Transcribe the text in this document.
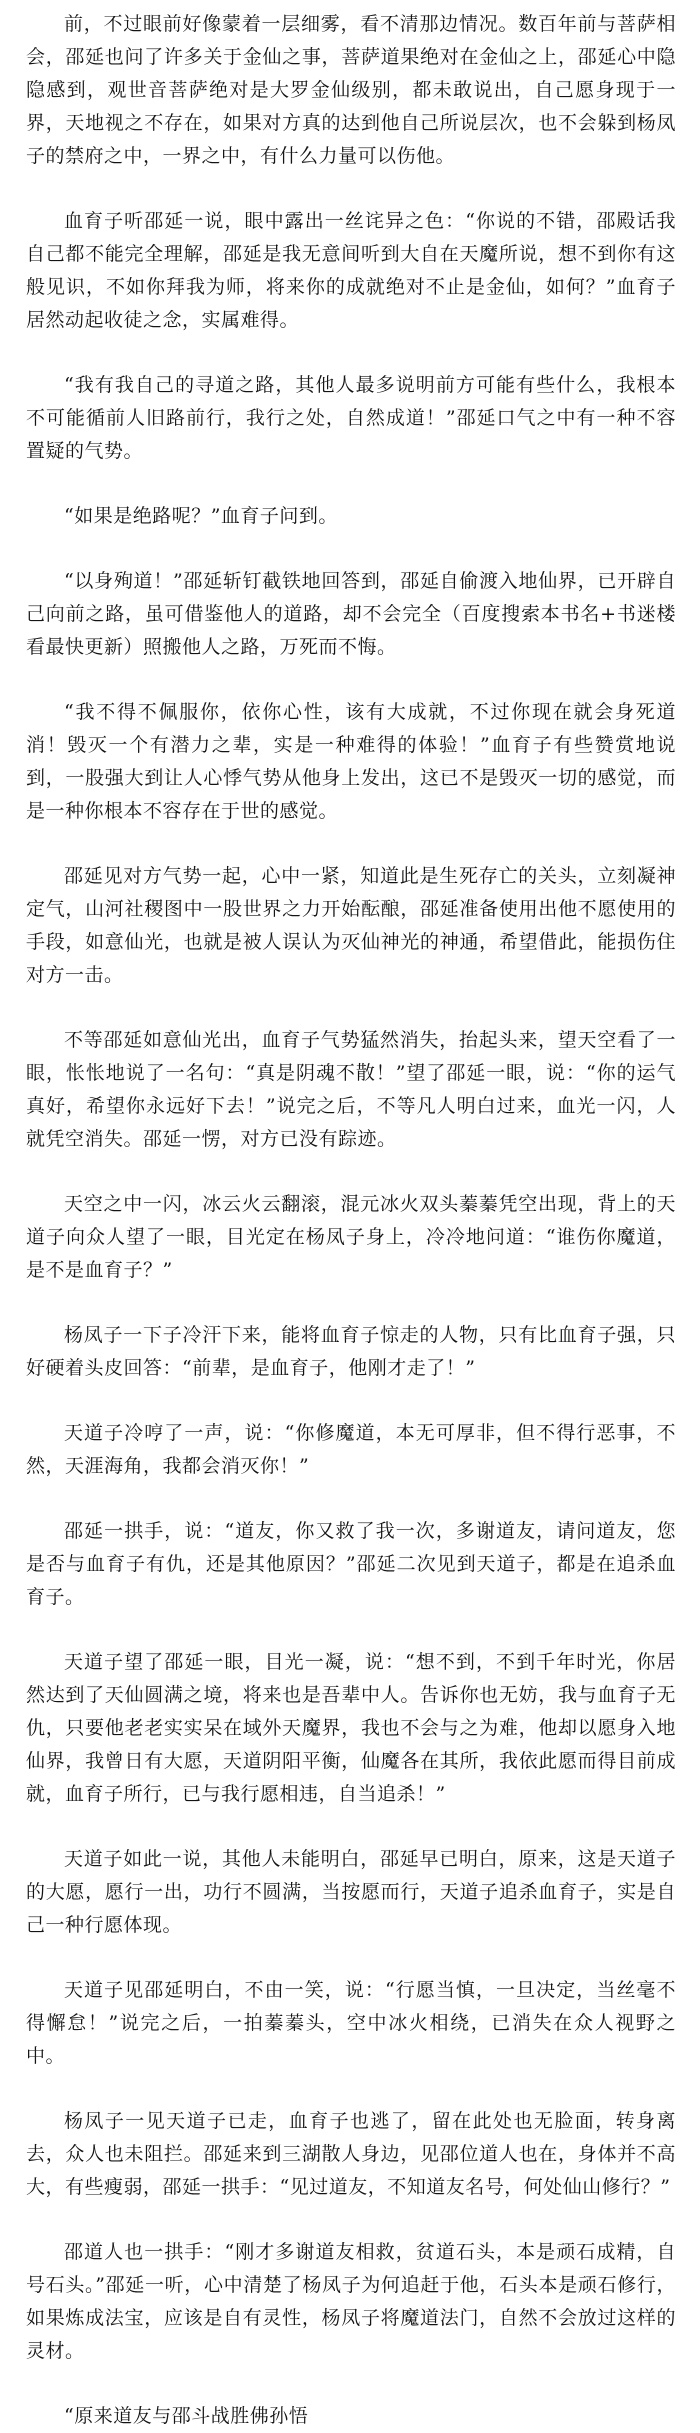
前，不过眼前好像蒙着一层细雾，看不清那边情况。数百年前与菩萨相会，邵延也问了许多关于金仙之事，菩萨道果绝对在金仙之上，邵延心中隐隐感到，观世音菩萨绝对是大罗金仙级别，都未敢说出，自己愿身现于一界，天地视之不存在，如果对方真的达到他自己所说层次，也不会躲到杨凤子的禁府之中，一界之中，有什么力量可以伤他。

血育子听邵延一说，眼中露出一丝诧异之色：“你说的不错，邵殿话我自己都不能完全理解，邵延是我无意间听到大自在天魔所说，想不到你有这般见识，不如你拜我为师，将来你的成就绝对不止是金仙，如何？”血育子居然动起收徒之念，实属难得。

“我有我自己的寻道之路，其他人最多说明前方可能有些什么，我根本不可能循前人旧路前行，我行之处，自然成道！”邵延口气之中有一种不容置疑的气势。

“如果是绝路呢？”血育子问到。

“以身殉道！”邵延斩钉截铁地回答到，邵延自偷渡入地仙界，已开辟自己向前之路，虽可借鉴他人的道路，却不会完全（百度搜索本书名+书迷楼 看最快更新）照搬他人之路，万死而不悔。

“我不得不佩服你，依你心性，该有大成就，不过你现在就会身死道消！毁灭一个有潜力之辈，实是一种难得的体验！”血育子有些赞赏地说到，一股强大到让人心悸气势从他身上发出，这已不是毁灭一切的感觉，而是一种你根本不容存在于世的感觉。

邵延见对方气势一起，心中一紧，知道此是生死存亡的关头，立刻凝神定气，山河社稷图中一股世界之力开始酝酿，邵延准备使用出他不愿使用的手段，如意仙光，也就是被人误认为灭仙神光的神通，希望借此，能损伤住对方一击。

不等邵延如意仙光出，血育子气势猛然消失，抬起头来，望天空看了一眼，怅怅地说了一名句：“真是阴魂不散！”望了邵延一眼，说：“你的运气真好，希望你永远好下去！”说完之后，不等凡人明白过来，血光一闪，人就凭空消失。邵延一愣，对方已没有踪迹。

天空之中一闪，冰云火云翻滚，混元冰火双头蓁蓁凭空出现，背上的天道子向众人望了一眼，目光定在杨凤子身上，冷冷地问道：“谁伤你魔道，是不是血育子？”

杨凤子一下子冷汗下来，能将血育子惊走的人物，只有比血育子强，只好硬着头皮回答：“前辈，是血育子，他刚才走了！”

天道子冷哼了一声，说：“你修魔道，本无可厚非，但不得行恶事，不然，天涯海角，我都会消灭你！”

邵延一拱手，说：“道友，你又救了我一次，多谢道友，请问道友，您是否与血育子有仇，还是其他原因？”邵延二次见到天道子，都是在追杀血育子。

天道子望了邵延一眼，目光一凝，说：“想不到，不到千年时光，你居然达到了天仙圆满之境，将来也是吾辈中人。告诉你也无妨，我与血育子无仇，只要他老老实实呆在域外天魔界，我也不会与之为难，他却以愿身入地仙界，我曾日有大愿，天道阴阳平衡，仙魔各在其所，我依此愿而得目前成就，血育子所行，已与我行愿相违，自当追杀！”

天道子如此一说，其他人未能明白，邵延早已明白，原来，这是天道子的大愿，愿行一出，功行不圆满，当按愿而行，天道子追杀血育子，实是自己一种行愿体现。

天道子见邵延明白，不由一笑，说：“行愿当慎，一旦决定，当丝毫不得懈怠！”说完之后，一拍蓁蓁头，空中冰火相绕，已消失在众人视野之中。

杨凤子一见天道子已走，血育子也逃了，留在此处也无脸面，转身离去，众人也未阻拦。邵延来到三湖散人身边，见邵位道人也在，身体并不高大，有些瘦弱，邵延一拱手：“见过道友，不知道友名号，何处仙山修行？”

邵道人也一拱手：“刚才多谢道友相救，贫道石头，本是顽石成精，自号石头。”邵延一听，心中清楚了杨凤子为何追赶于他，石头本是顽石修行，如果炼成法宝，应该是自有灵性，杨凤子将魔道法门，自然不会放过这样的灵材。

“原来道友与邵斗战胜佛孙悟
